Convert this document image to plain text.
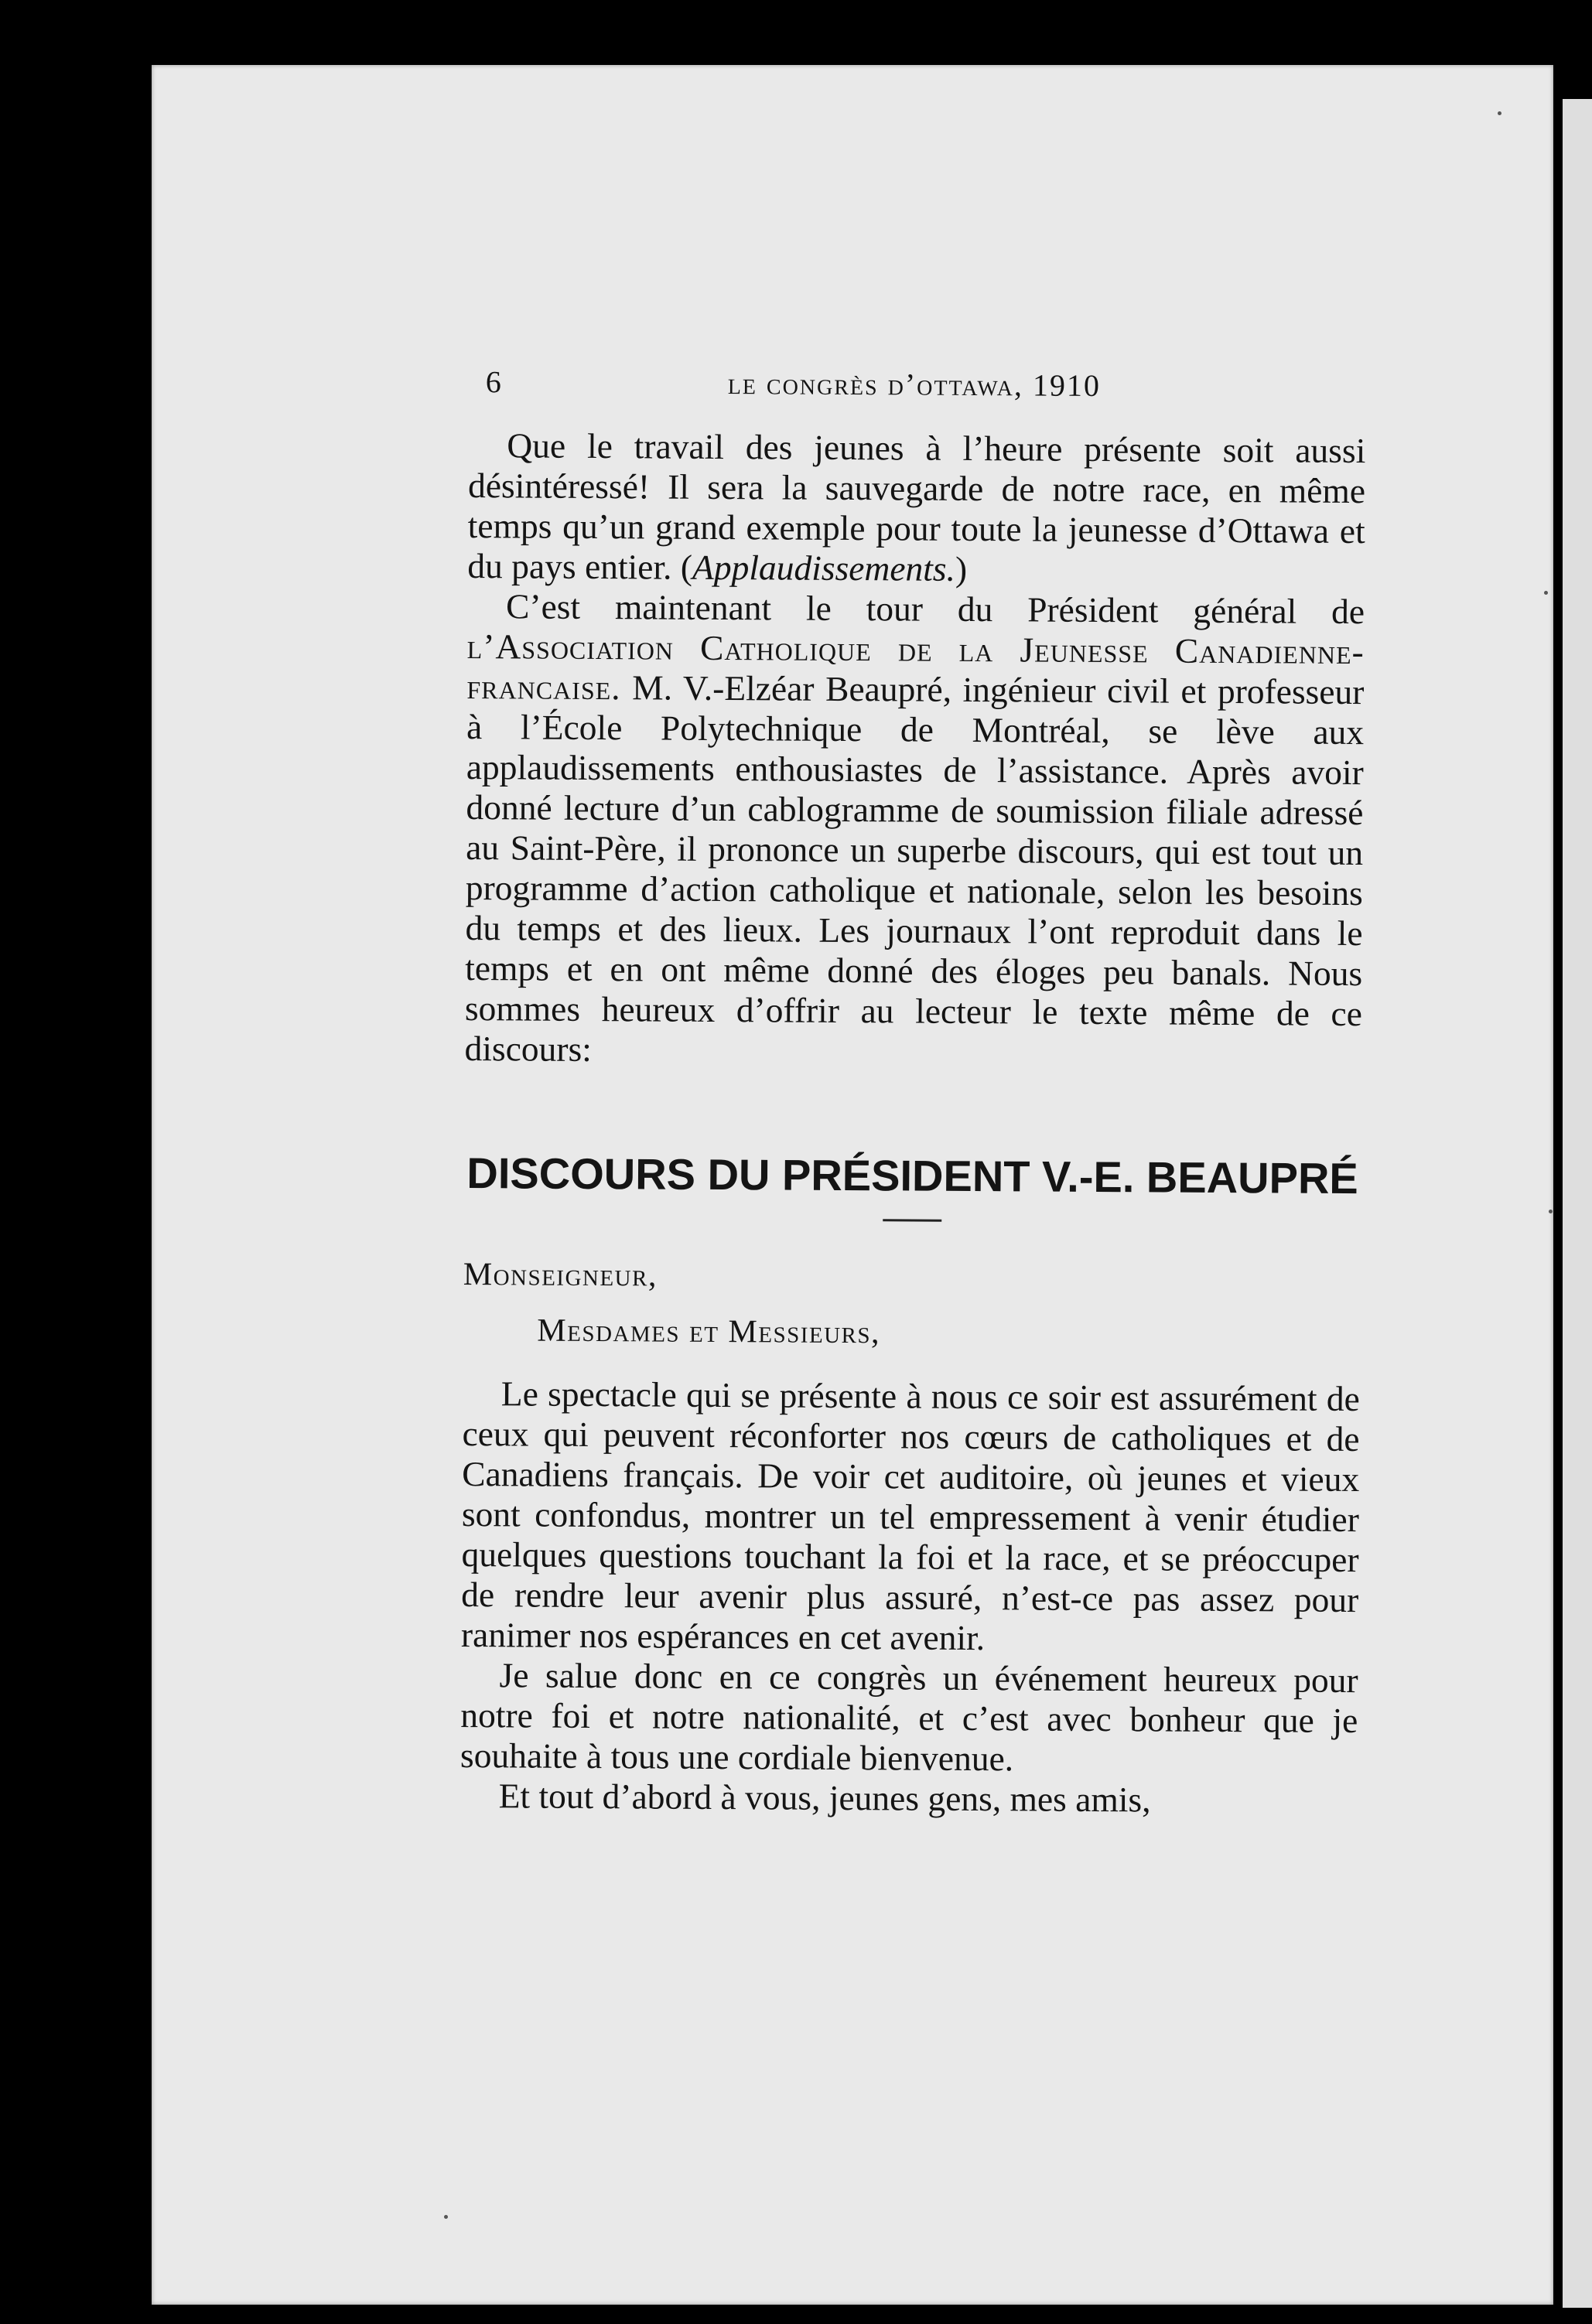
6	le congrès d’ottawa, 1910

Que le travail des jeunes à l’heure présente soit aussi désintéressé! Il sera la sauvegarde de notre race, en même temps qu’un grand exemple pour toute la jeunesse d’Ottawa et du pays entier. (Applaudissements.)

C’est maintenant le tour du Président général de l’Association Catholique de la Jeunesse Canadienne-francaise. M. V.-Elzéar Beaupré, ingénieur civil et professeur à l’École Polytechnique de Montréal, se lève aux applaudissements enthousiastes de l’assistance. Après avoir donné lecture d’un cablogramme de soumission filiale adressé au Saint-Père, il prononce un superbe discours, qui est tout un programme d’action catholique et nationale, selon les besoins du temps et des lieux. Les journaux l’ont reproduit dans le temps et en ont même donné des éloges peu banals. Nous sommes heureux d’offrir au lecteur le texte même de ce discours:

DISCOURS DU PRÉSIDENT V.-E. BEAUPRÉ

Monseigneur,

Mesdames et Messieurs,

Le spectacle qui se présente à nous ce soir est assurément de ceux qui peuvent réconforter nos cœurs de catholiques et de Canadiens français. De voir cet auditoire, où jeunes et vieux sont confondus, montrer un tel empressement à venir étudier quelques questions touchant la foi et la race, et se préoccuper de rendre leur avenir plus assuré, n’est-ce pas assez pour ranimer nos espérances en cet avenir.

Je salue donc en ce congrès un événement heureux pour notre foi et notre nationalité, et c’est avec bonheur que je souhaite à tous une cordiale bienvenue.

Et tout d’abord à vous, jeunes gens, mes amis,
